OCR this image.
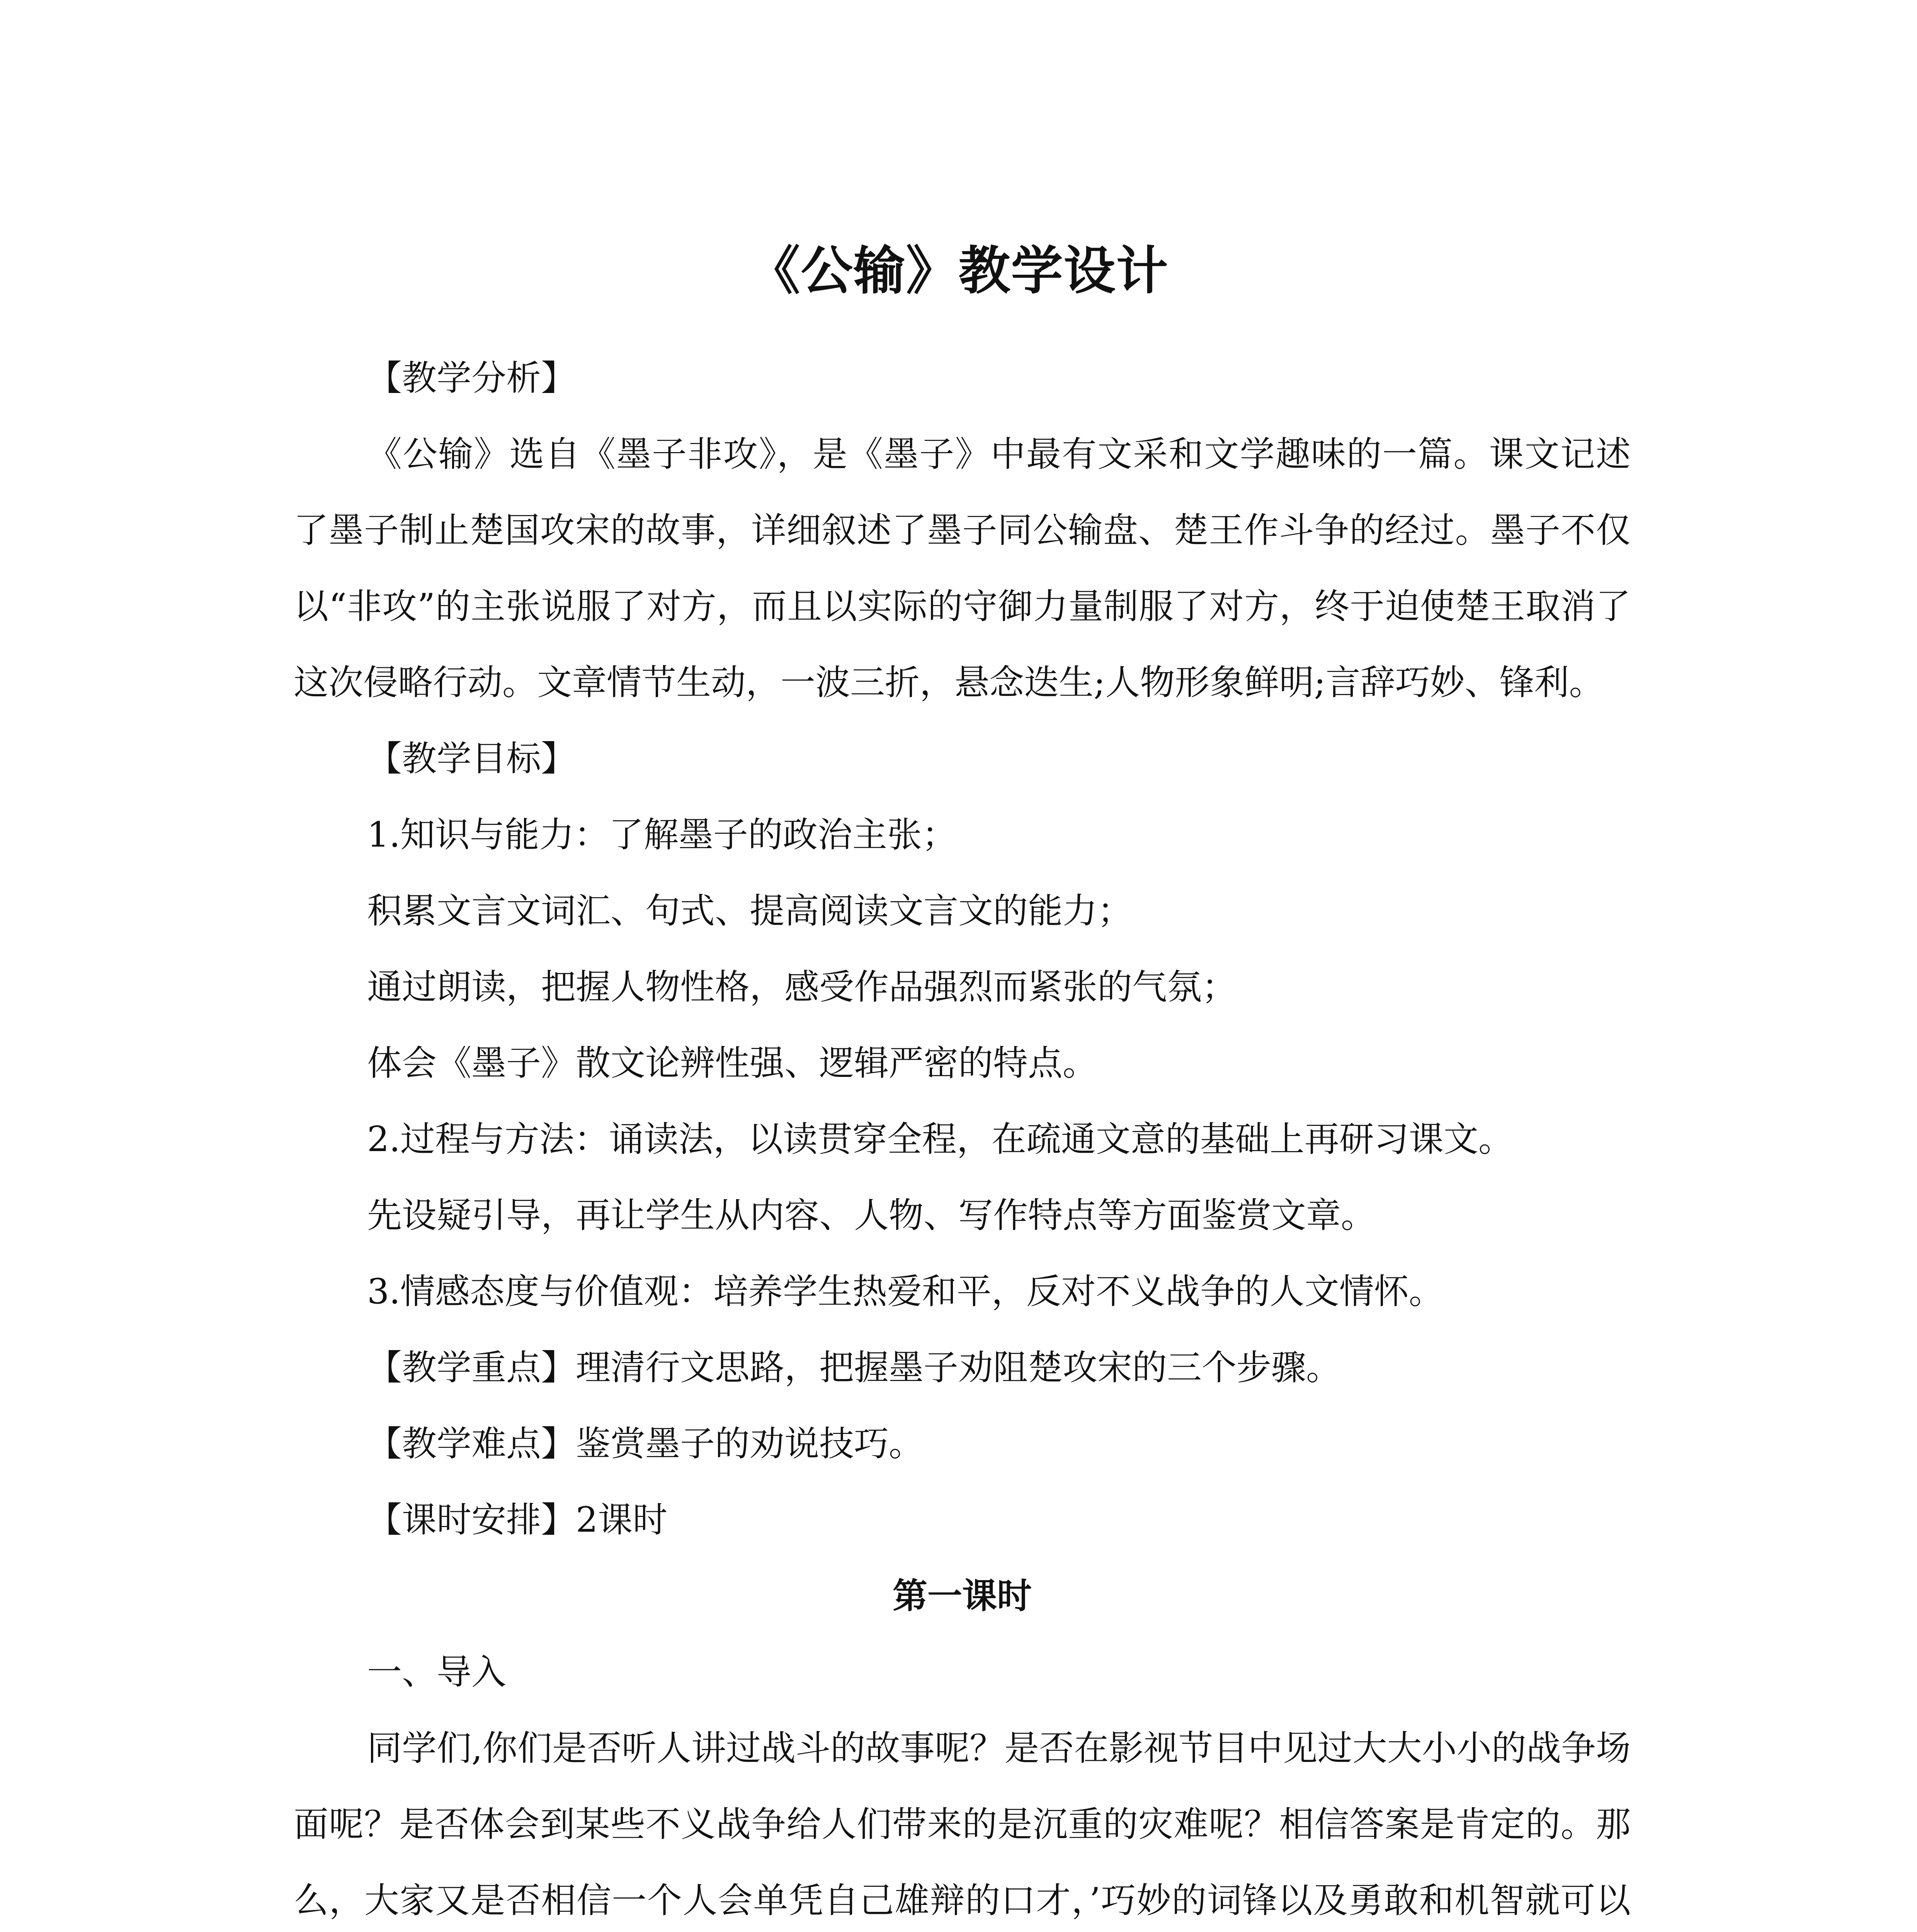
《公输》教学设计

【教学分析】

《公输》选自《墨子非攻》，是《墨子》中最有文采和文学趣味的一篇。课文记述了墨子制止楚国攻宋的故事，详细叙述了墨子同公输盘、楚王作斗争的经过。墨子不仅以“非攻”的主张说服了对方，而且以实际的守御力量制服了对方，终于迫使楚王取消了这次侵略行动。文章情节生动，一波三折，悬念迭生;人物形象鲜明;言辞巧妙、锋利。

【教学目标】

1.知识与能力：了解墨子的政治主张；

积累文言文词汇、句式、提高阅读文言文的能力；

通过朗读，把握人物性格，感受作品强烈而紧张的气氛；

体会《墨子》散文论辨性强、逻辑严密的特点。

2.过程与方法：诵读法，以读贯穿全程，在疏通文意的基础上再研习课文。

先设疑引导，再让学生从内容、人物、写作特点等方面鉴赏文章。

3.情感态度与价值观：培养学生热爱和平，反对不义战争的人文情怀。

【教学重点】理清行文思路，把握墨子劝阻楚攻宋的三个步骤。

【教学难点】鉴赏墨子的劝说技巧。

【课时安排】2课时

第一课时

一、导入

同学们,你们是否听人讲过战斗的故事呢？是否在影视节目中见过大大小小的战争场面呢？是否体会到某些不义战争给人们带来的是沉重的灾难呢？相信答案是肯定的。那么，大家又是否相信一个人会单凭自己雄辩的口才，’巧妙的词锋以及勇敢和机智就可以
